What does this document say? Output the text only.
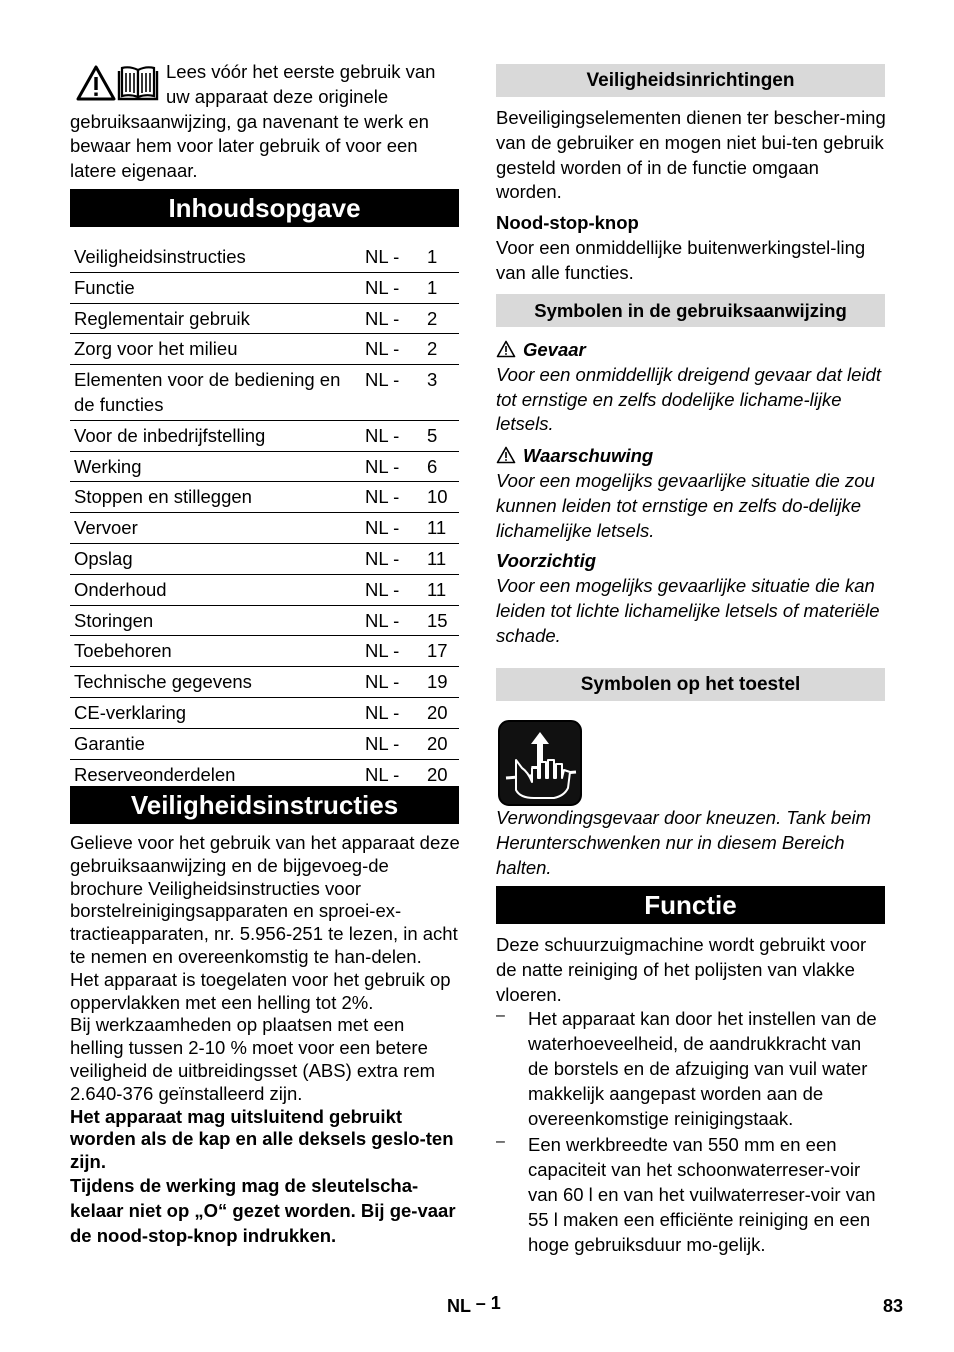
Lees vóór het eerste gebruik van uw apparaat deze originele gebruiksaanwijzing, ga navenant te werk en bewaar hem voor later gebruik of voor een latere eigenaar.

Inhoudsopgave
Veiligheidsinstructies	NL -	1
Functie	NL -	1
Reglementair gebruik	NL -	2
Zorg voor het milieu	NL -	2
Elementen voor de bediening en de functies	NL -	3
Voor de inbedrijfstelling	NL -	5
Werking	NL -	6
Stoppen en stilleggen	NL -	10
Vervoer	NL -	11
Opslag	NL -	11
Onderhoud	NL -	11
Storingen	NL -	15
Toebehoren	NL -	17
Technische gegevens	NL -	19
CE-verklaring	NL -	20
Garantie	NL -	20
Reserveonderdelen	NL -	20
Veiligheidsinstructies

Gelieve voor het gebruik van het apparaat deze gebruiksaanwijzing en de bijgevoeg-de brochure Veiligheidsinstructies voor borstelreinigingsapparaten en sproei-ex-tractieapparaten, nr. 5.956-251 te lezen, in acht te nemen en overeenkomstig te han-delen.

Het apparaat is toegelaten voor het gebruik op oppervlakken met een helling tot 2%.

Bij werkzaamheden op plaatsen met een helling tussen 2-10 % moet voor een betere veiligheid de uitbreidingsset (ABS) extra rem 2.640-376 geïnstalleerd zijn.

Het apparaat mag uitsluitend gebruikt worden als de kap en alle deksels geslo-ten zijn.

Tijdens de werking mag de sleutelscha-kelaar niet op „O“ gezet worden. Bij ge-vaar de nood-stop-knop indrukken.

Veiligheidsinrichtingen

Beveiligingselementen dienen ter bescher-ming van de gebruiker en mogen niet bui-ten gebruik gesteld worden of in de functie omgaan worden.

Nood-stop-knop

Voor een onmiddellijke buitenwerkingstel-ling van alle functies.

Symbolen in de gebruiksaanwijzing
Gevaar

Voor een onmiddellijk dreigend gevaar dat leidt tot ernstige en zelfs dodelijke lichame-lijke letsels.

Waarschuwing

Voor een mogelijks gevaarlijke situatie die zou kunnen leiden tot ernstige en zelfs do-delijke lichamelijke letsels.

Voorzichtig

Voor een mogelijks gevaarlijke situatie die kan leiden tot lichte lichamelijke letsels of materiële schade.

Symbolen op het toestel

Verwondingsgevaar door kneuzen. Tank beim Herunterschwenken nur in diesem Bereich halten.

Functie

Deze schuurzuigmachine wordt gebruikt voor de natte reiniging of het polijsten van vlakke vloeren.

– Het apparaat kan door het instellen van de waterhoeveelheid, de aandrukkracht van de borstels en de afzuiging van vuil water makkelijk aangepast worden aan de overeenkomstige reinigingstaak.

– Een werkbreedte van 550 mm en een capaciteit van het schoonwaterreser-voir van 60 l en van het vuilwaterreser-voir van 55 l maken een efficiënte reiniging en een hoge gebruiksduur mo-gelijk.

NL – 1	83
